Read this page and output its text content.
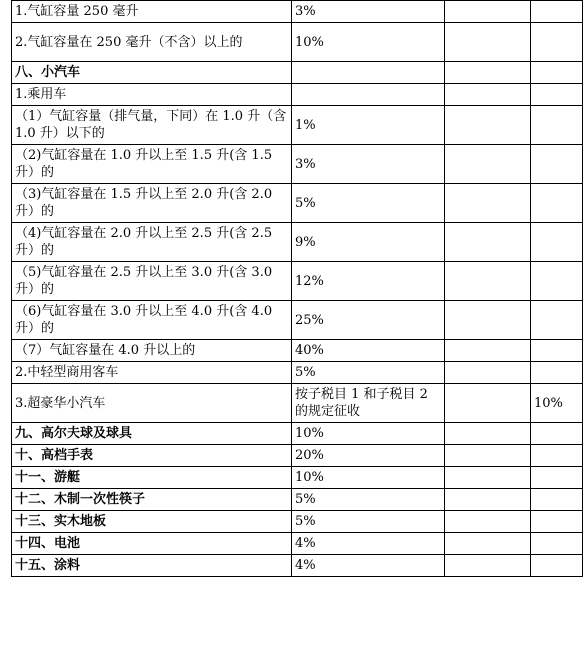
1.气缸容量 250 毫升	3%		
2.气缸容量在 250 毫升（不含）以上的	10%		
八、小汽车			
1.乘用车			
（1）气缸容量（排气量，下同）在 1.0 升（含 1.0 升）以下的	1%		
（2)气缸容量在 1.0 升以上至 1.5 升(含 1.5 升）的	3%		
（3)气缸容量在 1.5 升以上至 2.0 升(含 2.0 升）的	5%		
（4)气缸容量在 2.0 升以上至 2.5 升(含 2.5 升）的	9%		
（5)气缸容量在 2.5 升以上至 3.0 升(含 3.0 升）的	12%		
（6)气缸容量在 3.0 升以上至 4.0 升(含 4.0 升）的	25%		
（7）气缸容量在 4.0 升以上的	40%		
2.中轻型商用客车	5%		
3.超豪华小汽车	按子税目 1 和子税目 2 的规定征收		10%
九、高尔夫球及球具	10%		
十、高档手表	20%		
十一、游艇	10%		
十二、木制一次性筷子	5%		
十三、实木地板	5%		
十四、电池	4%		
十五、涂料	4%		
